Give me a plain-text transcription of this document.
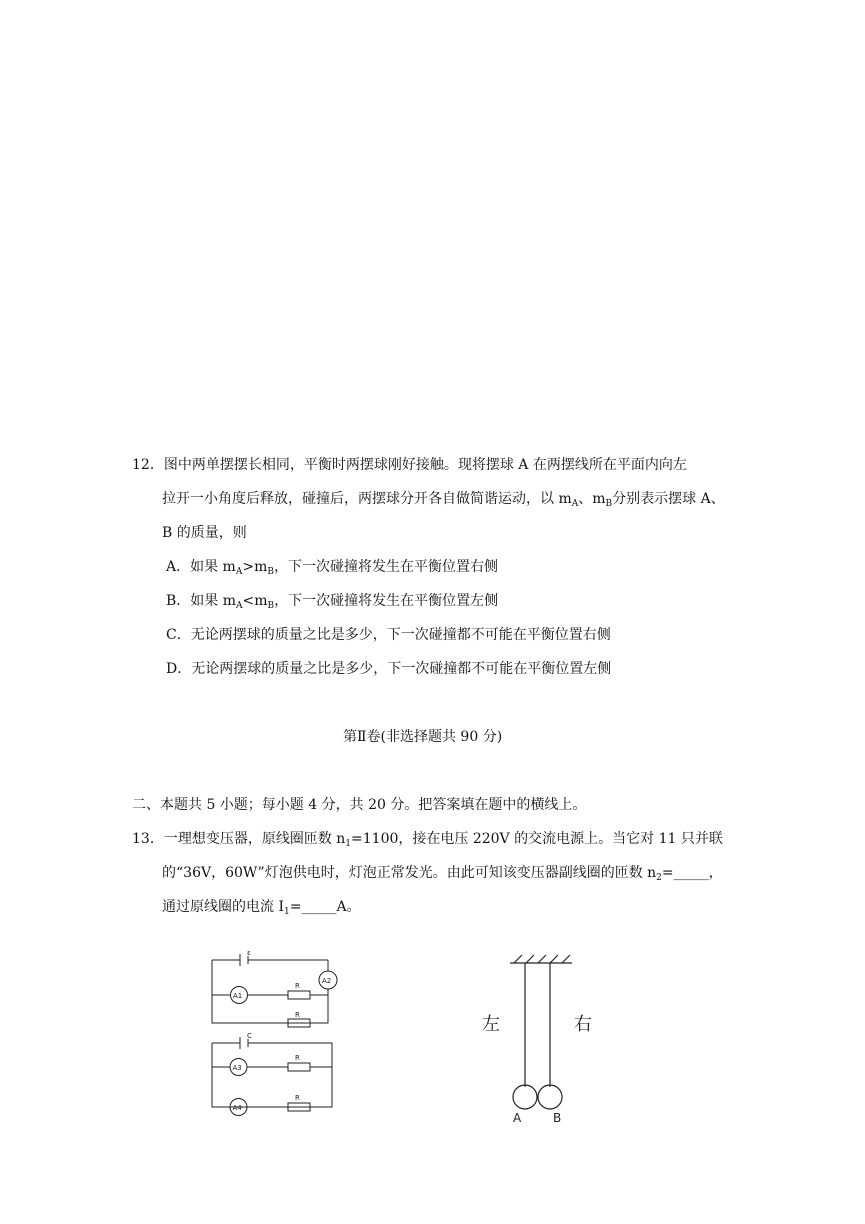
12．图中两单摆摆长相同，平衡时两摆球刚好接触。现将摆球 A 在两摆线所在平面内向左
拉开一小角度后释放，碰撞后，两摆球分开各自做简谐运动，以 $m_A$、$m_B$分别表示摆球 A、
B 的质量，则
A．如果 $m_A>m_B$，下一次碰撞将发生在平衡位置右侧
B．如果 $m_A<m_B$，下一次碰撞将发生在平衡位置左侧
C．无论两摆球的质量之比是多少，下一次碰撞都不可能在平衡位置右侧
D．无论两摆球的质量之比是多少，下一次碰撞都不可能在平衡位置左侧
第Ⅱ卷(非选择题共 90 分)
二、本题共 5 小题；每小题 4 分，共 20 分。把答案填在题中的横线上。
13．一理想变压器，原线圈匝数 $n_1=1100$，接在电压 220V 的交流电源上。当它对 11 只并联
的“36V，60W”灯泡供电时，灯泡正常发光。由此可知该变压器副线圈的匝数 $n_2=\_\_\_\_\_$，
通过原线圈的电流 $I_1=\_\_\_\_\_A$。
ε
C
R
R
R
R
A1
A2
A3
A4
左	右
A	B
